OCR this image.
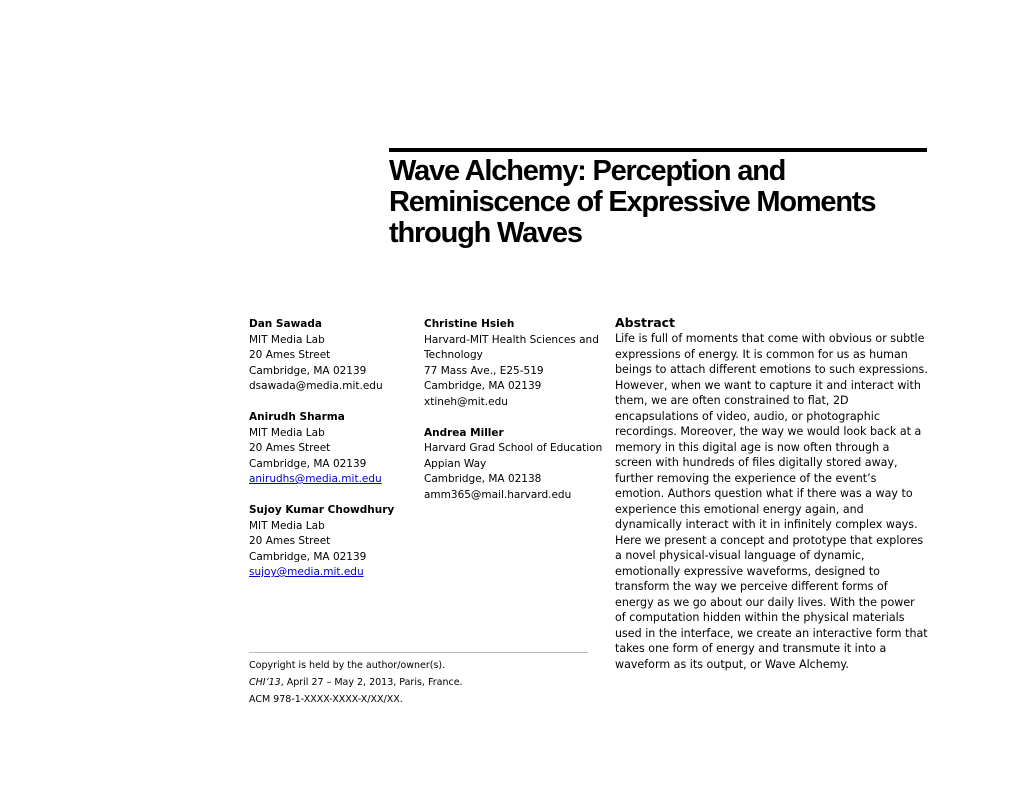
Wave Alchemy: Perception and Reminiscence of Expressive Moments through Waves
Dan Sawada
MIT Media Lab
20 Ames Street
Cambridge, MA 02139
dsawada@media.mit.edu
Anirudh Sharma
MIT Media Lab
20 Ames Street
Cambridge, MA 02139
anirudhs@media.mit.edu
Sujoy Kumar Chowdhury
MIT Media Lab
20 Ames Street
Cambridge, MA 02139
sujoy@media.mit.edu
Christine Hsieh
Harvard-MIT Health Sciences and
Technology
77 Mass Ave., E25-519
Cambridge, MA 02139
xtineh@mit.edu
Andrea Miller
Harvard Grad School of Education
Appian Way
Cambridge, MA 02138
amm365@mail.harvard.edu
Copyright is held by the author/owner(s).
CHI’13, April 27 – May 2, 2013, Paris, France.
ACM 978-1-XXXX-XXXX-X/XX/XX.
Abstract
Life is full of moments that come with obvious or subtle
expressions of energy. It is common for us as human
beings to attach different emotions to such expressions.
However, when we want to capture it and interact with
them, we are often constrained to flat, 2D
encapsulations of video, audio, or photographic
recordings. Moreover, the way we would look back at a
memory in this digital age is now often through a
screen with hundreds of files digitally stored away,
further removing the experience of the event’s
emotion. Authors question what if there was a way to
experience this emotional energy again, and
dynamically interact with it in infinitely complex ways.
Here we present a concept and prototype that explores
a novel physical-visual language of dynamic,
emotionally expressive waveforms, designed to
transform the way we perceive different forms of
energy as we go about our daily lives. With the power
of computation hidden within the physical materials
used in the interface, we create an interactive form that
takes one form of energy and transmute it into a
waveform as its output, or Wave Alchemy.
